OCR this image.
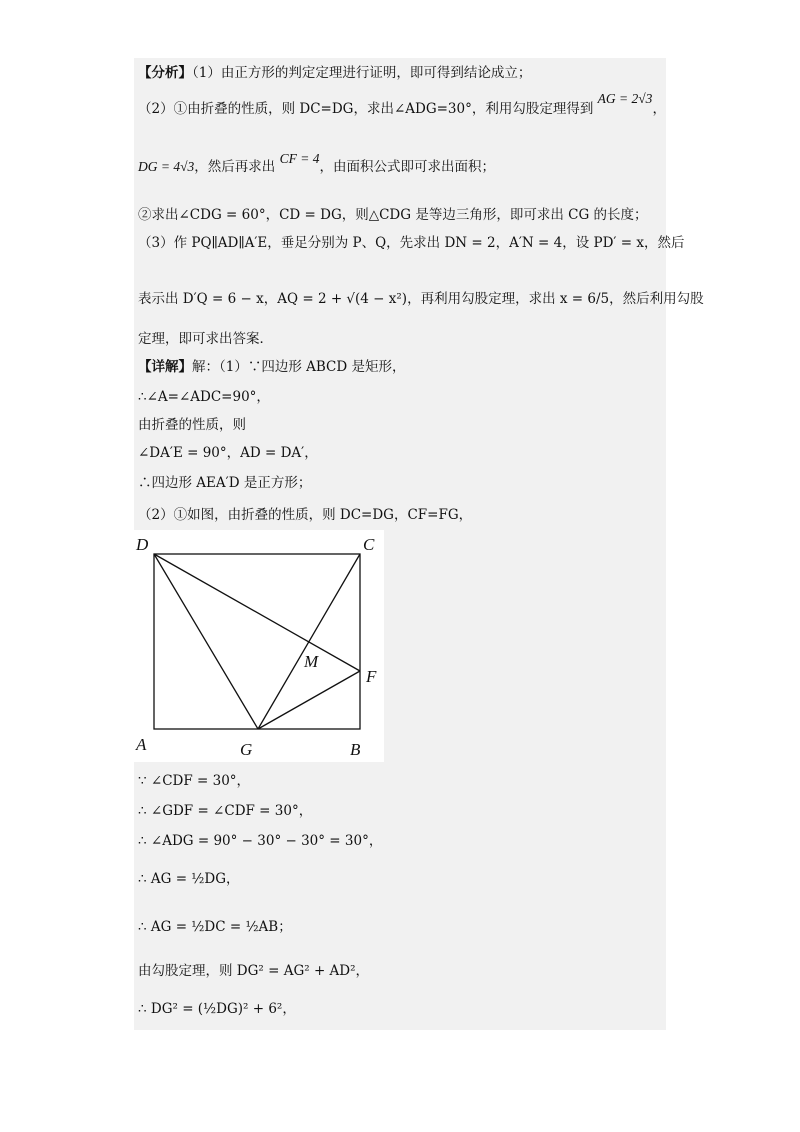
【分析】（1）由正方形的判定定理进行证明，即可得到结论成立；
（2）①由折叠的性质，则 DC=DG，求出∠ADG=30°，利用勾股定理得到 AG = 2√3，
DG = 4√3，然后再求出 CF = 4，由面积公式即可求出面积；
②求出∠CDG = 60°，CD = DG，则△CDG 是等边三角形，即可求出 CG 的长度；
（3）作 PQ∥AD∥A′E，垂足分别为 P、Q，先求出 DN = 2，A′N = 4，设 PD′ = x，然后
表示出 D′Q = 6 − x，AQ = 2 + √(4 − x²)，再利用勾股定理，求出 x = 6/5，然后利用勾股
定理，即可求出答案．
【详解】解：（1）∵四边形 ABCD 是矩形，
∴∠A=∠ADC=90°，
由折叠的性质，则
∠DA′E = 90°，AD = DA′，
∴四边形 AEA′D 是正方形；
（2）①如图，由折叠的性质，则 DC=DG，CF=FG，
D	C
M
F
A	G	B
∵ ∠CDF = 30°，
∴ ∠GDF = ∠CDF = 30°，
∴ ∠ADG = 90° − 30° − 30° = 30°，
∴ AG = ½DG，
∴ AG = ½DC = ½AB；
由勾股定理，则 DG² = AG² + AD²，
∴ DG² = (½DG)² + 6²，
